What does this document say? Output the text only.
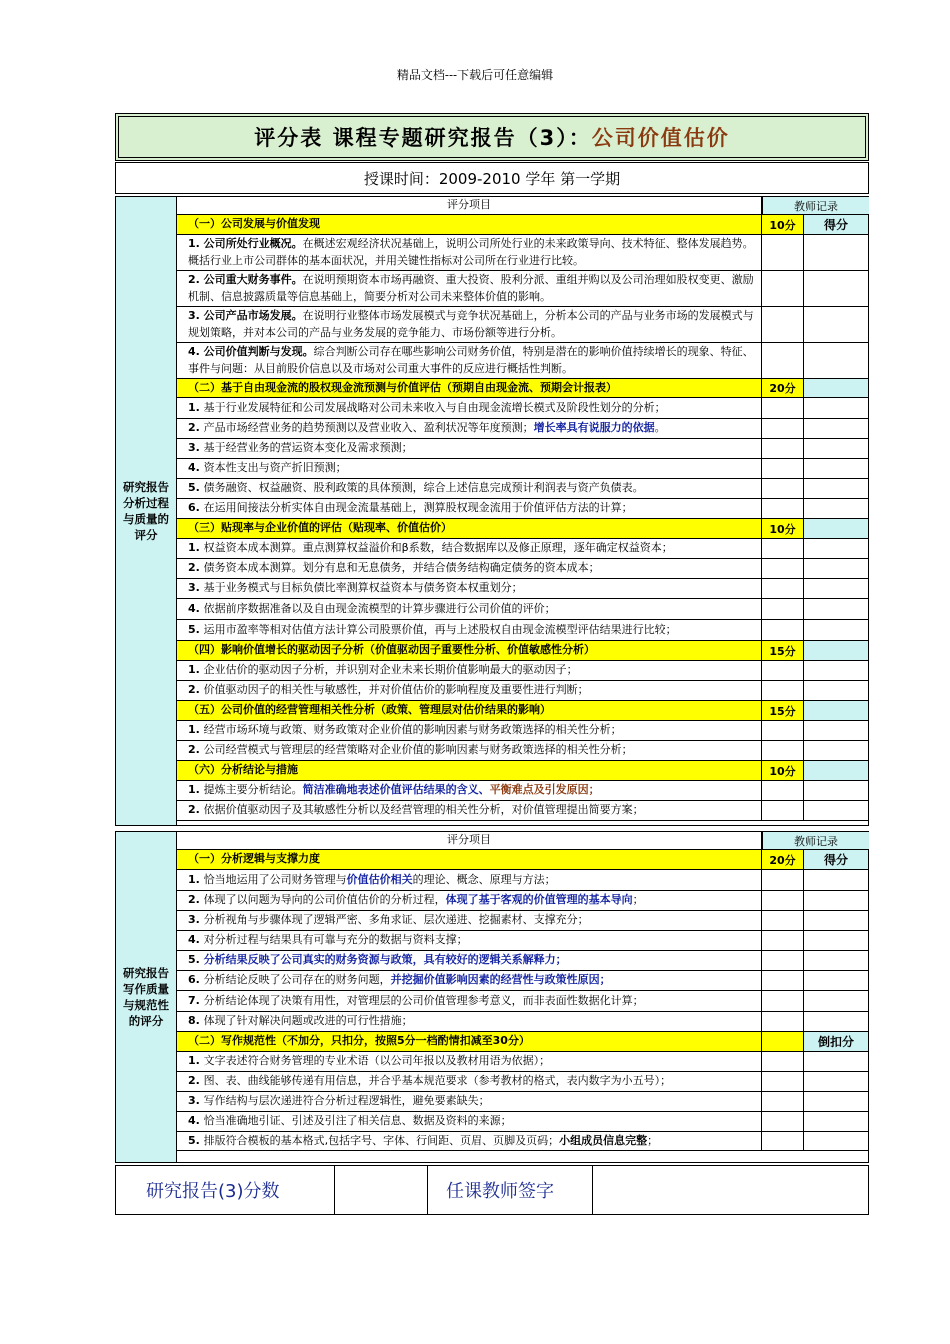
精品文档---下载后可任意编辑
评分表 课程专题研究报告（3）： 公司价值估价
授课时间：2009-2010 学年 第一学期
研究报告分析过程与质量的评分
评分项目	教师记录
（一）公司发展与价值发现	10分	得分
1. 公司所处行业概况。在概述宏观经济状况基础上，说明公司所处行业的未来政策导向、技术特征、整体发展趋势。概括行业上市公司群体的基本面状况，并用关键性指标对公司所在行业进行比较。
2. 公司重大财务事件。在说明预期资本市场再融资、重大投资、股利分派、重组并购以及公司治理如股权变更、激励机制、信息披露质量等信息基础上，简要分析对公司未来整体价值的影响。
3. 公司产品市场发展。在说明行业整体市场发展模式与竞争状况基础上，分析本公司的产品与业务市场的发展模式与规划策略，并对本公司的产品与业务发展的竞争能力、市场份额等进行分析。
4. 公司价值判断与发现。综合判断公司存在哪些影响公司财务价值，特别是潜在的影响价值持续增长的现象、特征、事件与问题：从目前股价信息以及市场对公司重大事件的反应进行概括性判断。
（二）基于自由现金流的股权现金流预测与价值评估（预期自由现金流、预期会计报表）	20分
1. 基于行业发展特征和公司发展战略对公司未来收入与自由现金流增长模式及阶段性划分的分析；
2. 产品市场经营业务的趋势预测以及营业收入、盈利状况等年度预测；增长率具有说服力的依据。
3. 基于经营业务的营运资本变化及需求预测；
4. 资本性支出与资产折旧预测；
5. 债务融资、权益融资、股利政策的具体预测，综合上述信息完成预计利润表与资产负债表。
6. 在运用间接法分析实体自由现金流量基础上，测算股权现金流用于价值评估方法的计算；
（三）贴现率与企业价值的评估（贴现率、价值估价）	10分
1. 权益资本成本测算。重点测算权益溢价和β系数，结合数据库以及修正原理，逐年确定权益资本；
2. 债务资本成本测算。划分有息和无息债务，并结合债务结构确定债务的资本成本；
3. 基于业务模式与目标负债比率测算权益资本与债务资本权重划分；
4. 依据前序数据准备以及自由现金流模型的计算步骤进行公司价值的评价；
5. 运用市盈率等相对估值方法计算公司股票价值，再与上述股权自由现金流模型评估结果进行比较；
（四）影响价值增长的驱动因子分析（价值驱动因子重要性分析、价值敏感性分析）	15分
1. 企业估价的驱动因子分析，并识别对企业未来长期价值影响最大的驱动因子；
2. 价值驱动因子的相关性与敏感性，并对价值估价的影响程度及重要性进行判断；
（五）公司价值的经营管理相关性分析（政策、管理层对估价结果的影响）	15分
1. 经营市场环境与政策、财务政策对企业价值的影响因素与财务政策选择的相关性分析；
2. 公司经营模式与管理层的经营策略对企业价值的影响因素与财务政策选择的相关性分析；
（六）分析结论与措施	10分
1. 提炼主要分析结论。简洁准确地表述价值评估结果的含义、平衡难点及引发原因；
2. 依据价值驱动因子及其敏感性分析以及经营管理的相关性分析，对价值管理提出简要方案；
研究报告写作质量与规范性的评分
评分项目	教师记录
（一）分析逻辑与支撑力度	20分	得分
1. 恰当地运用了公司财务管理与价值估价相关的理论、概念、原理与方法；
2. 体现了以问题为导向的公司价值估价的分析过程，体现了基于客观的价值管理的基本导向；
3. 分析视角与步骤体现了逻辑严密、多角求证、层次递进、挖掘素材、支撑充分；
4. 对分析过程与结果具有可靠与充分的数据与资料支撑；
5. 分析结果反映了公司真实的财务资源与政策，具有较好的逻辑关系解释力；
6. 分析结论反映了公司存在的财务问题，并挖掘价值影响因素的经营性与政策性原因；
7. 分析结论体现了决策有用性，对管理层的公司价值管理参考意义，而非表面性数据化计算；
8. 体现了针对解决问题或改进的可行性措施；
（二）写作规范性（不加分，只扣分，按照5分一档酌情扣减至30分）	倒扣分
1. 文字表述符合财务管理的专业术语（以公司年报以及教材用语为依据）；
2. 图、表、曲线能够传递有用信息，并合乎基本规范要求（参考教材的格式，表内数字为小五号）；
3. 写作结构与层次递进符合分析过程逻辑性，避免要素缺失；
4. 恰当准确地引证、引述及引注了相关信息、数据及资料的来源；
5. 排版符合模板的基本格式,包括字号、字体、行间距、页眉、页脚及页码；小组成员信息完整；
研究报告(3)分数	任课教师签字
